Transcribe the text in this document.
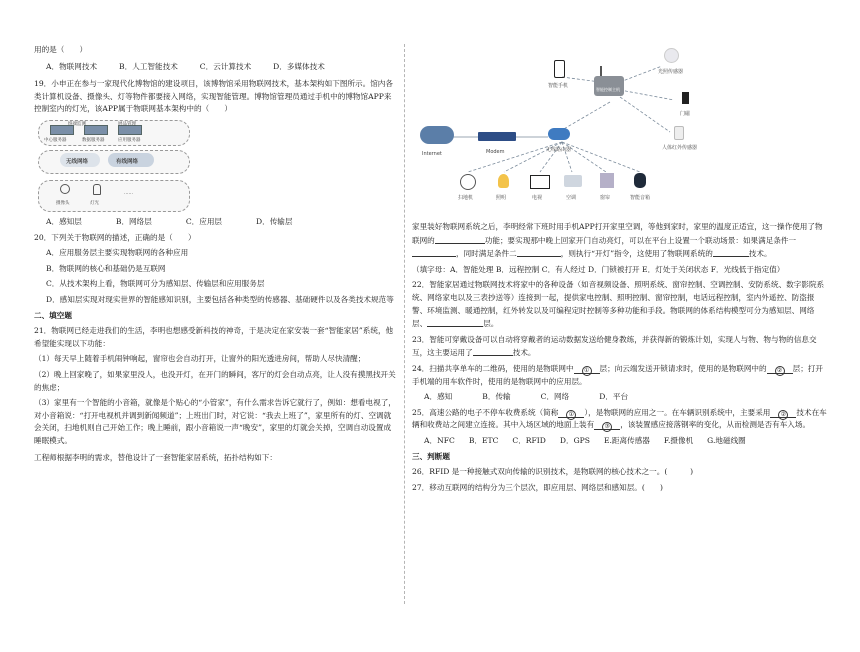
用的是（　　）

A．物联网技术	B．人工智能技术	C．云计算技术	D．多媒体技术

19．小申正在参与一家现代化博物馆的建设项目，该博物馆采用物联网技术，基本架构如下图所示。馆内各类计算机设备、摄像头、灯等物件都要接入网络，实现智能管理。博物馆管理员通过手机中的博物馆APP来控制室内的灯光，该APP属于物联网基本架构中的（　　）

终端监测	展品管理
中心服务器	数据服务器	应用服务器
无线网络	有线网络
摄像头	灯光
……
A．感知层	B．网络层	C．应用层	D．传输层

20．下列关于物联网的描述，正确的是（　　）

A．应用服务层主要实现物联网的各种应用

B．物联网的核心和基础仍是互联网

C．从技术架构上看，物联网可分为感知层、传输层和应用服务层

D．感知层实现对现实世界的智能感知识别，主要包括各种类型的传感器、基础硬件以及各类技术规范等

二、填空题

21．物联网已经走进我们的生活，李明也想感受新科技的神奇，于是决定在家安装一套“智能家居”系统，他希望能实现以下功能：

（1）每天早上随着手机闹钟响起，窗帘也会自动打开，让窗外的阳光透进房间，帮助人尽快清醒；

（2）晚上回家晚了，如果家里没人，也没开灯，在开门的瞬间，客厅的灯会自动点亮，让人没有摸黑找开关的焦虑；

（3）家里有一个智能的小音箱，就像是个贴心的“小管家”，有什么需求告诉它就行了，例如：想看电视了，对小音箱说：“打开电视机并调到新闻频道”；上班出门时，对它说：“我去上班了”，家里所有的灯、空调就会关闭，扫地机则自己开始工作；晚上睡前，跟小音箱说一声“晚安”，家里的灯就会关掉，空调自动设置成睡眠模式。

工程师根据李明的需求，替他设计了一套智能家居系统，拓扑结构如下：

智能手机
智能控制主机
光照传感器
门磁
人体红外传感器
Internet	Modem	无线路由器
扫地机	照明	电视	空调	窗帘	智能音箱

家里装好物联网系统之后，李明经常下班时用手机APP打开家里空调，等他到家时，家里的温度正适宜，这一操作使用了物联网的	功能；要实现那中晚上回家开门自动亮灯，可以在平台上设置一个联动场景：如果满足条件一，同时满足条件二	，则执行“开灯”指令，这使用了物联网系统的	技术。

（填字母：A．智能处理 B．远程控制 C．有人经过 D．门锁被打开 E．灯处于关闭状态 F．光线低于指定值）

22．智能家居通过物联网技术将家中的各种设备（如音视频设备、照明系统、窗帘控制、空调控制、安防系统、数字影院系统、网络家电以及三表抄送等）连接到一起，提供家电控制、照明控制、窗帘控制，电话远程控制，室内外遥控、防盗报警、环境监测、暖通控制，红外转发以及可编程定时控制等多种功能和手段。物联网的体系结构模型可分为感知层、网络层、	层。

23．智能可穿戴设备可以自动将穿戴者的运动数据发送给健身教练，并获得新的锻炼计划，实现人与物、物与物的信息交互，这主要运用了	技术。

24．扫描共享单车的二维码，使用的是物联网中 ① 层；向云端发送开锁请求时，使用的是物联网中的 ② 层；打开手机端的用车软件时，使用的是物联网中的应用层。

A．感知	B．传输	C．网络	D．平台

25．高速公路的电子不停车收费系统（简称 ① ），是物联网的应用之一。在车辆识别系统中，主要采用 ② 技术在车辆和收费站之间建立连接。其中入场区域的地面上装有 ③ ，该装置感应接落钢率的变化，从而检测是否有车入场。

A．NFC B．ETC C．RFID D．GPS E.距离传感器 F.摄像机 G.地磁线圈

三、判断题

26．RFID 是一种接触式双向传输的识别技术，是物联网的核心技术之一。(　　　)

27．移动互联网的结构分为三个层次，即应用层、网络层和感知层。(　　)
